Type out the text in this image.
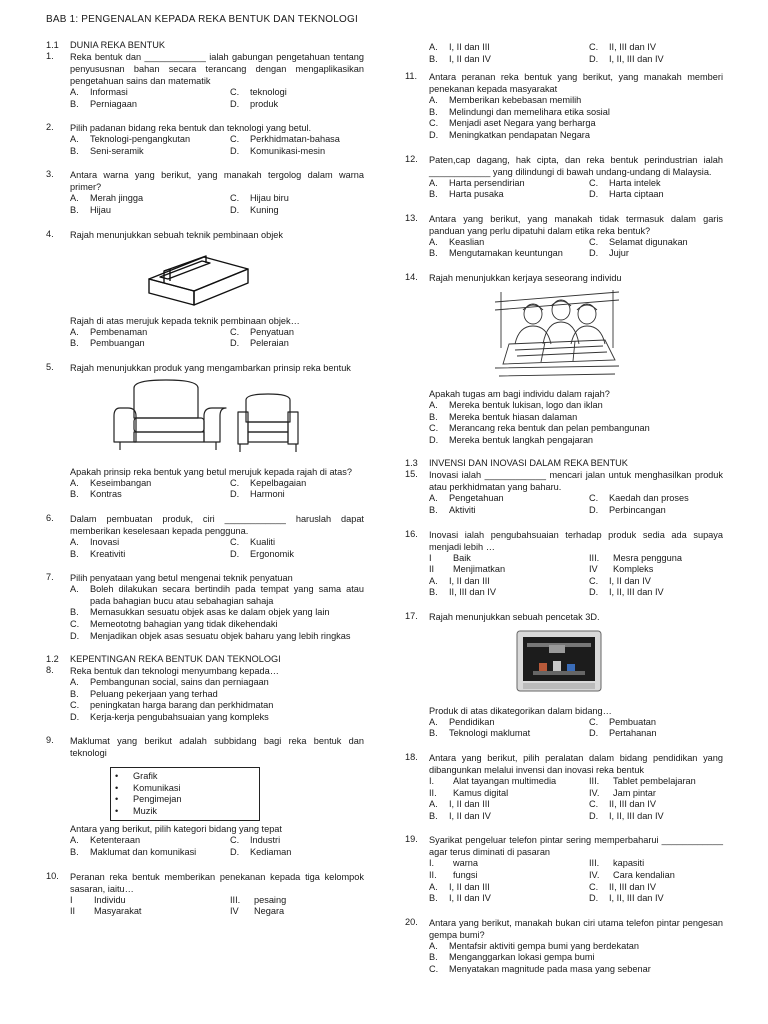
BAB 1: PENGENALAN KEPADA REKA BENTUK DAN TEKNOLOGI
1.1	DUNIA REKA BENTUK
1.	Reka bentuk dan ____________ ialah gabungan pengetahuan tentang penyususnan bahan secara terancang dengan mengaplikasikan pengetahuan sains dan matematik
A.	Informasi	C.	teknologi
B.	Perniagaan	D.	produk
2.	Pilih padanan bidang reka bentuk dan teknologi yang betul.
A.	Teknologi-pengangkutan	C.	Perkhidmatan-bahasa
B.	Seni-seramik	D.	Komunikasi-mesin
3.	Antara warna yang berikut, yang manakah tergolog dalam warna primer?
A.	Merah jingga	C.	Hijau biru
B.	Hijau	D.	Kuning
4.	Rajah menunjukkan sebuah teknik pembinaan objek
Rajah di atas merujuk kepada teknik pembinaan objek…
A.	Pembenaman	C.	Penyatuan
B.	Pembuangan	D.	Peleraian
5.	Rajah menunjukkan produk yang mengambarkan prinsip reka bentuk
Apakah prinsip reka bentuk yang betul merujuk kepada rajah di atas?
A.	Keseimbangan	C.	Kepelbagaian
B.	Kontras	D.	Harmoni
6.	Dalam pembuatan produk, ciri ____________ haruslah dapat memberikan keselesaan kepada pengguna.
A.	Inovasi	C.	Kualiti
B.	Kreativiti	D.	Ergonomik
7.	Pilih penyataan yang betul mengenai teknik penyatuan
A.	Boleh dilakukan secara bertindih pada tempat yang sama atau pada bahagian bucu atau sebahagian sahaja
B.	Memasukkan sesuatu objek asas ke dalam objek yang lain
C.	Memeototng bahagian yang tidak dikehendaki
D.	Menjadikan objek asas sesuatu objek baharu yang lebih ringkas
1.2	KEPENTINGAN REKA BENTUK DAN TEKNOLOGI
8.	Reka bentuk dan teknologi menyumbang kepada…
A.	Pembangunan social, sains dan perniagaan
B.	Peluang pekerjaan yang terhad
C.	peningkatan harga barang dan perkhidmatan
D.	Kerja-kerja pengubahsuaian yang kompleks
9.	Maklumat yang berikut adalah subbidang bagi reka bentuk dan teknologi
•	Grafik
•	Komunikasi
•	Pengimejan
•	Muzik
Antara yang berikut, pilih kategori bidang yang tepat
A.	Ketenteraan	C.	Industri
B.	Maklumat dan komunikasi	D.	Kediaman
10.	Peranan reka bentuk memberikan penekanan kepada tiga kelompok sasaran, iaitu…
I	Individu	III.	pesaing
II	Masyarakat	IV	Negara
A.	I, II dan III	C.	II, III dan IV
B.	I, II dan IV	D.	I, II, III dan IV
11.	Antara peranan reka bentuk yang berikut, yang manakah memberi penekanan kepada masyarakat
A.	Memberikan kebebasan memilih
B.	Melindungi dan memelihara etika sosial
C.	Menjadi aset Negara yang berharga
D.	Meningkatkan pendapatan Negara
12.	Paten,cap dagang, hak cipta, dan reka bentuk perindustrian ialah ____________ yang dilindungi di bawah undang-undang di Malaysia.
A.	Harta persendirian	C.	Harta intelek
B.	Harta pusaka	D.	Harta ciptaan
13.	Antara yang berikut, yang manakah tidak termasuk dalam garis panduan yang perlu dipatuhi dalam etika reka bentuk?
A.	Keaslian	C.	Selamat digunakan
B.	Mengutamakan keuntungan	D.	Jujur
14.	Rajah menunjukkan kerjaya seseorang individu
Apakah tugas am bagi individu dalam rajah?
A.	Mereka bentuk lukisan, logo dan iklan
B.	Mereka bentuk hiasan dalaman
C.	Merancang reka bentuk dan pelan pembangunan
D.	Mereka bentuk langkah pengajaran
1.3	INVENSI DAN INOVASI DALAM REKA BENTUK
15.	Inovasi ialah ____________ mencari jalan untuk menghasilkan produk atau perkhidmatan yang baharu.
A.	Pengetahuan	C.	Kaedah dan proses
B.	Aktiviti	D.	Perbincangan
16.	Inovasi ialah pengubahsuaian terhadap produk sedia ada supaya menjadi lebih …
I	Baik	III.	Mesra pengguna
II	Menjimatkan	IV	Kompleks
A.	I, II dan III	C.	I, II dan IV
B.	II, III dan IV	D.	I, II, III dan IV
17.	Rajah menunjukkan sebuah pencetak 3D.
Produk di atas dikategorikan dalam bidang…
A.	Pendidikan	C.	Pembuatan
B.	Teknologi maklumat	D.	Pertahanan
18.	Antara yang berikut, pilih peralatan dalam bidang pendidikan yang dibangunkan melalui invensi dan inovasi reka bentuk
I.	Alat tayangan multimedia	III.	Tablet pembelajaran
II.	Kamus digital	IV.	Jam pintar
A.	I, II dan III	C.	II, III dan IV
B.	I, II dan IV	D.	I, II, III dan IV
19.	Syarikat pengeluar telefon pintar sering memperbaharui ____________ agar terus diminati di pasaran
I.	warna	III.	kapasiti
II.	fungsi	IV.	Cara kendalian
A.	I, II dan III	C.	II, III dan IV
B.	I, II dan IV	D.	I, II, III dan IV
20.	Antara yang berikut, manakah bukan ciri utama telefon pintar pengesan gempa bumi?
A.	Mentafsir aktiviti gempa bumi yang berdekatan
B.	Menganggarkan lokasi gempa bumi
C.	Menyatakan magnitude pada masa yang sebenar
